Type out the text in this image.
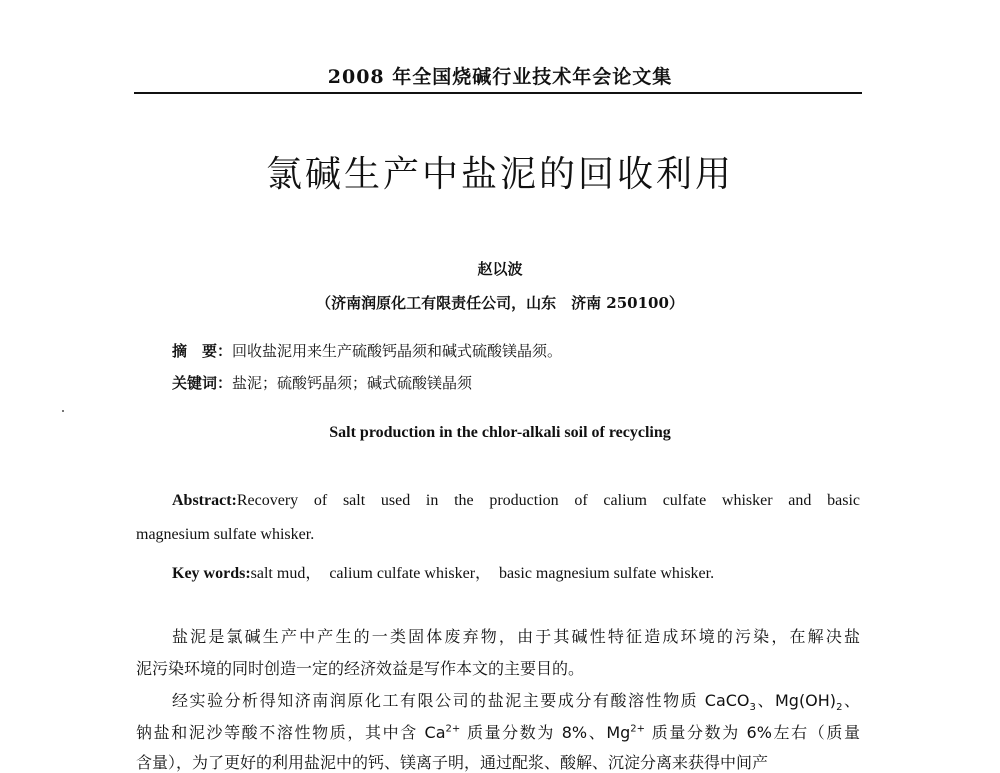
2008 年全国烧碱行业技术年会论文集
氯碱生产中盐泥的回收利用
赵以波
（济南润原化工有限责任公司，山东　济南 250100）
摘　要：回收盐泥用来生产硫酸钙晶须和碱式硫酸镁晶须。
关键词：盐泥；硫酸钙晶须；碱式硫酸镁晶须
Salt production in the chlor-alkali soil of recycling
Abstract:Recovery of salt used in the production of calium culfate whisker and basic
magnesium sulfate whisker.
Key words:salt mud，　calium culfate whisker，　basic magnesium sulfate whisker.
盐泥是氯碱生产中产生的一类固体废弃物，由于其碱性特征造成环境的污染，在解决盐
泥污染环境的同时创造一定的经济效益是写作本文的主要目的。
经实验分析得知济南润原化工有限公司的盐泥主要成分有酸溶性物质 CaCO$_3$、$Mg(OH)_2$、
钠盐和泥沙等酸不溶性物质，其中含 $Ca^{2+}$ 质量分数为 8%、$Mg^{2+}$ 质量分数为 6%左右（质量
含量），为了更好的利用盐泥中的钙、镁离子明，通过配浆、酸解、沉淀分离来获得中间产
